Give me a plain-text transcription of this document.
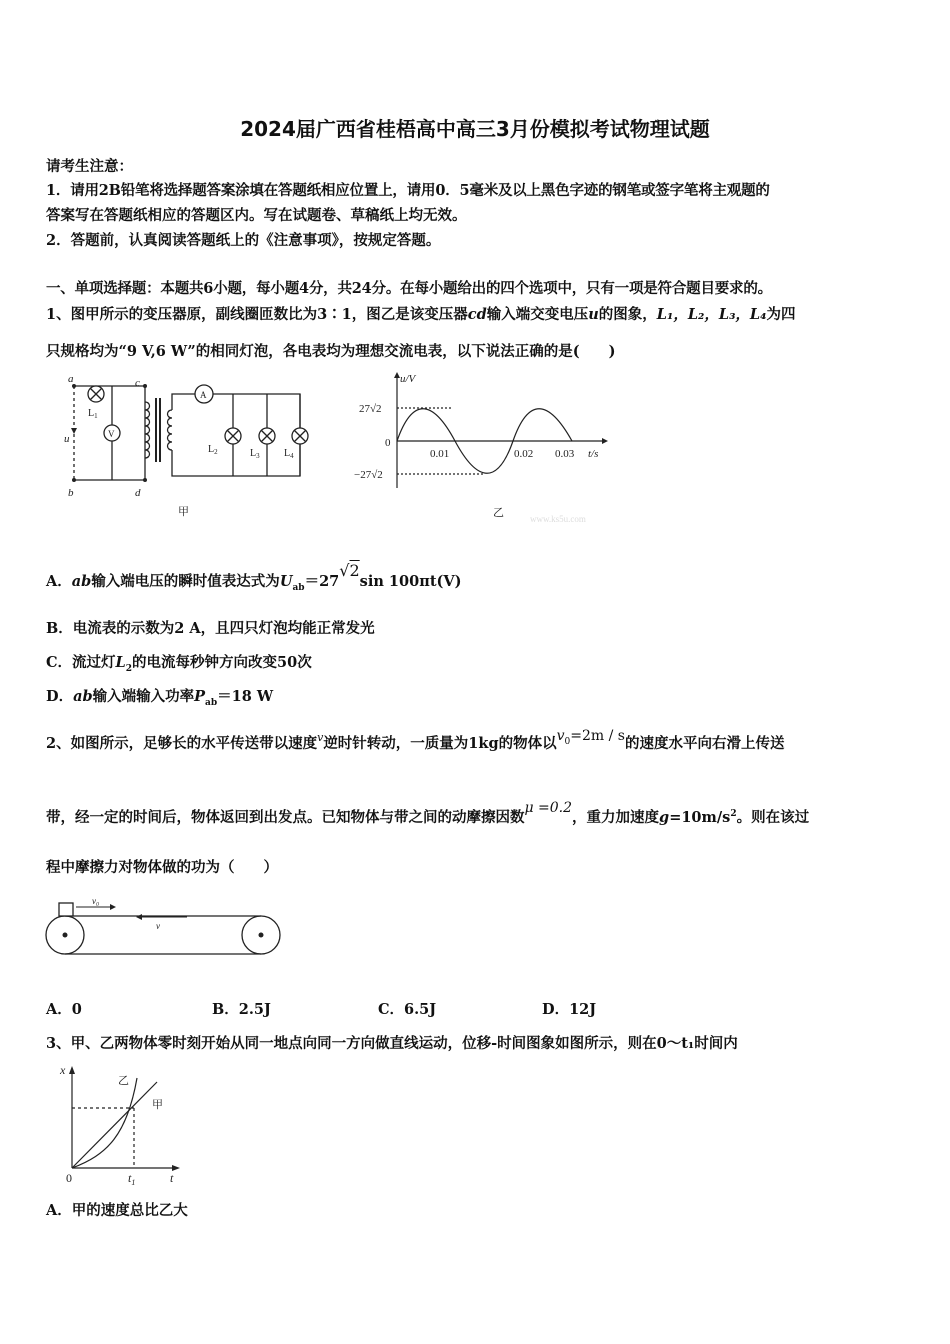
2024届广西省桂梧高中高三3月份模拟考试物理试题
请考生注意：
1．请用2B铅笔将选择题答案涂填在答题纸相应位置上，请用0．5毫米及以上黑色字迹的钢笔或签字笔将主观题的
答案写在答题纸相应的答题区内。写在试题卷、草稿纸上均无效。
2．答题前，认真阅读答题纸上的《注意事项》，按规定答题。
一、单项选择题：本题共6小题，每小题4分，共24分。在每小题给出的四个选项中，只有一项是符合题目要求的。
1、图甲所示的变压器原，副线圈匝数比为3∶1，图乙是该变压器cd输入端交变电压u的图象，L₁，L₂，L₃，L₄为四
只规格均为“9 V,6 W”的相同灯泡，各电表均为理想交流电表，以下说法正确的是(　　)
a
b
c
d
u
$L_1$
V
A
$L_2$	$L_3$ $L_4$
甲
u/V
t/s
27√2
0
−27√2
0.01	0.02 0.03
乙	www.ks5u.com
A．ab输入端电压的瞬时值表达式为$U_{ab}=27√2\sin$ 100πt(V)
B．电流表的示数为2 A，且四只灯泡均能正常发光
C．流过灯$L_2$的电流每秒钟方向改变50次
D．ab输入端输入功率$P_{ab}=18$ W
2、如图所示，足够长的水平传送带以速度$^v$逆时针转动，一质量为1kg的物体以$v_0=2m / s$的速度水平向右滑上传送
带，经一定的时间后，物体返回到出发点。已知物体与带之间的动摩擦因数μ =0.2，重力加速度$g=10m/s^2$。则在该过
程中摩擦力对物体做的功为（　　）
v₀
v
A．0	B．2.5J	C．6.5J	D．12J
3、甲、乙两物体零时刻开始从同一地点向同一方向做直线运动，位移-时间图象如图所示，则在0～t₁时间内
x
t
0	$t_1$
乙
甲
A．甲的速度总比乙大
